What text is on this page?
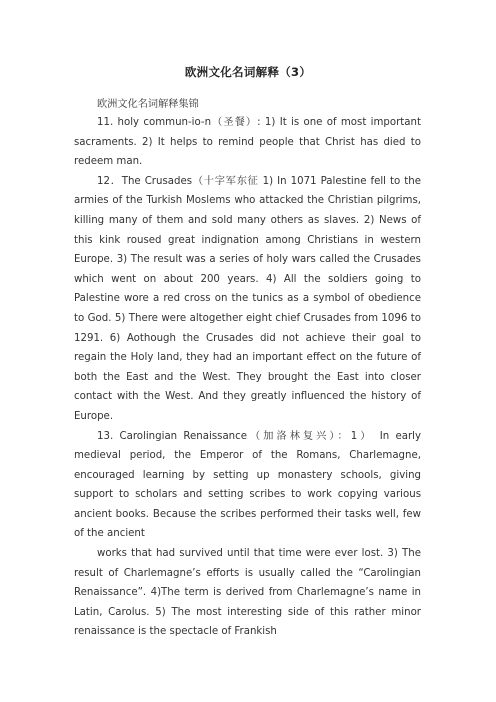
欧洲文化名词解释（3）
欧洲文化名词解释集锦

11. holy commun-io-n（圣餐）: 1) It is one of most important sacraments. 2) It helps to remind people that Christ has died to redeem man.

12．The Crusades（十字军东征 1) In 1071 Palestine fell to the armies of the Turkish Moslems who attacked the Christian pilgrims, killing many of them and sold many others as slaves. 2) News of this kink roused great indignation among Christians in western Europe. 3) The result was a series of holy wars called the Crusades which went on about 200 years. 4) All the soldiers going to Palestine wore a red cross on the tunics as a symbol of obedience to God. 5) There were altogether eight chief Crusades from 1096 to 1291. 6) Aothough the Crusades did not achieve their goal to regain the Holy land, they had an important effect on the future of both the East and the West. They brought the East into closer contact with the West. And they greatly influenced the history of Europe.

13. Carolingian Renaissance（加洛林复兴）：1） In early medieval period, the Emperor of the Romans, Charlemagne, encouraged learning by setting up monastery schools, giving support to scholars and setting scribes to work copying various ancient books. Because the scribes performed their tasks well, few of the ancient

works that had survived until that time were ever lost. 3) The result of Charlemagne’s efforts is usually called the “Carolingian Renaissance”. 4)The term is derived from Charlemagne’s name in Latin, Carolus. 5) The most interesting side of this rather minor renaissance is the spectacle of Frankish
